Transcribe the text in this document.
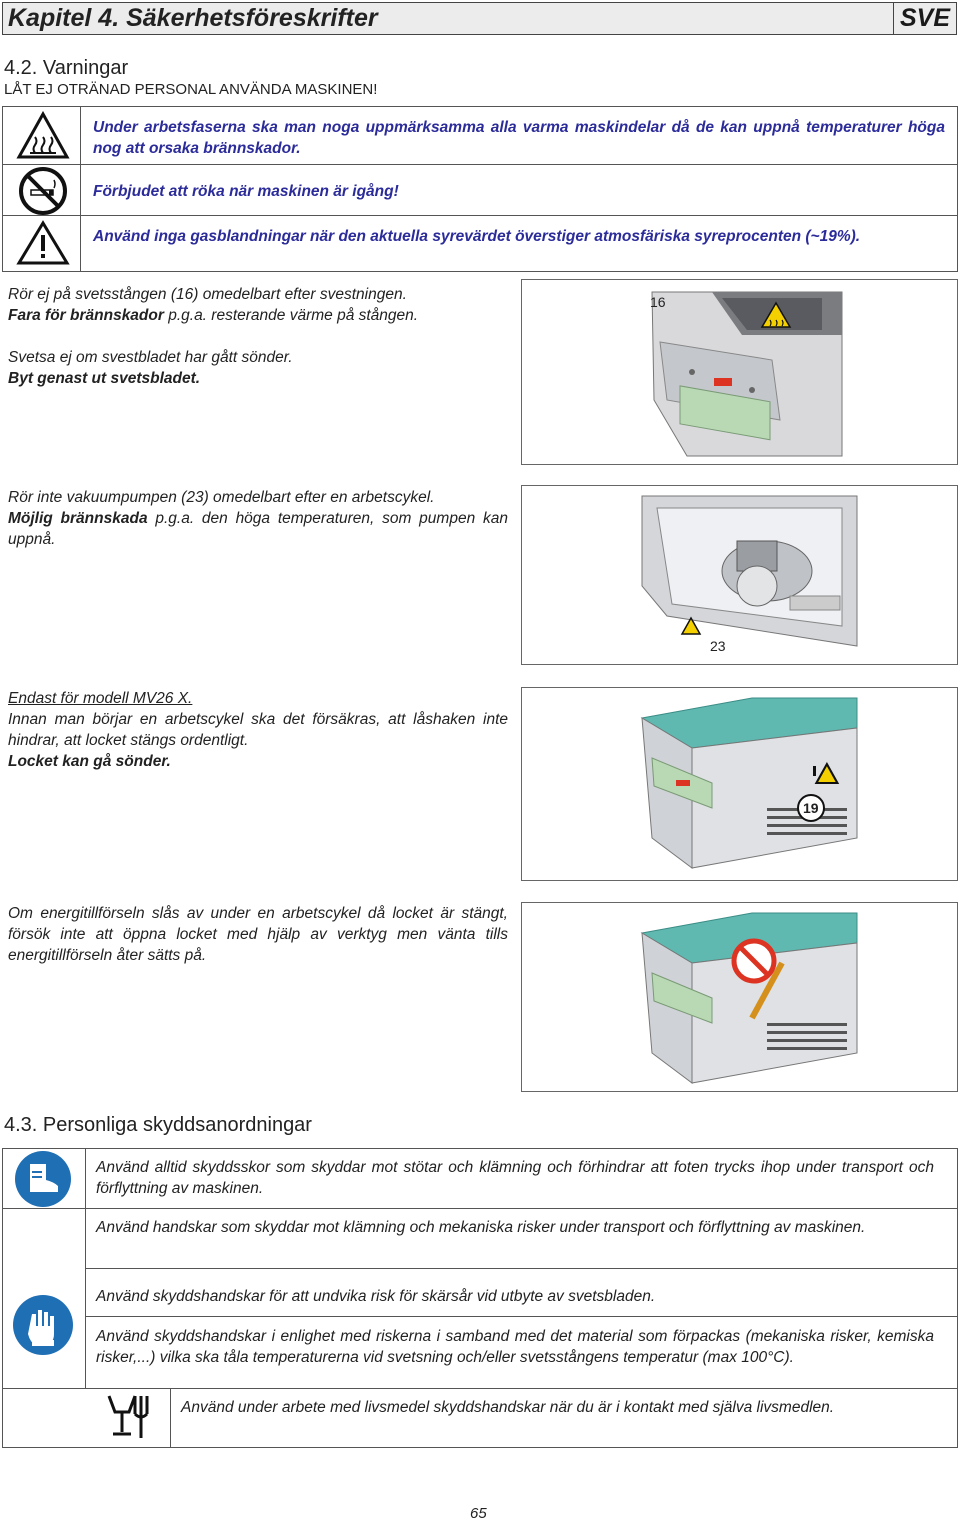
Kapitel 4. Säkerhetsföreskrifter	SVE
4.2. Varningar
LÅT EJ OTRÄNAD PERSONAL ANVÄNDA MASKINEN!
Under arbetsfaserna ska man noga uppmärksamma alla varma maskindelar då de kan uppnå temperaturer höga nog att orsaka brännskador.
Förbjudet att röka när maskinen är igång!
Använd inga gasblandningar när den aktuella syrevärdet överstiger atmosfäriska syreprocenten (~19%).
Rör ej på svetsstången (16) omedelbart efter svestningen.
Fara för brännskador p.g.a. resterande värme på stången.
Svetsa ej om svestbladet har gått sönder.
Byt genast ut svetsbladet.
16
Rör inte vakuumpumpen (23) omedelbart efter en arbetscykel.
Möjlig brännskada p.g.a. den höga temperaturen, som pumpen kan uppnå.
23
Endast för modell MV26 X.
Innan man börjar en arbetscykel ska det försäkras, att låshaken inte hindrar, att locket stängs ordentligt.
Locket kan gå sönder.
19
Om energitillförseln slås av under en arbetscykel då locket är stängt, försök inte att öppna locket med hjälp av verktyg men vänta tills energitillförseln åter sätts på.
4.3. Personliga skyddsanordningar
Använd alltid skyddsskor som skyddar mot stötar och klämning och förhindrar att foten trycks ihop under transport och förflyttning av maskinen.
Använd handskar som skyddar mot klämning och mekaniska risker under transport och förflyttning av maskinen.
Använd skyddshandskar för att undvika risk för skärsår vid utbyte av svetsbladen.
Använd skyddshandskar i enlighet med riskerna i samband med det material som förpackas (mekaniska risker, kemiska risker,...) vilka ska tåla temperaturerna vid svetsning och/eller svetsstångens temperatur (max 100°C).
Använd under arbete med livsmedel skyddshandskar när du är i kontakt med själva livsmedlen.
65
